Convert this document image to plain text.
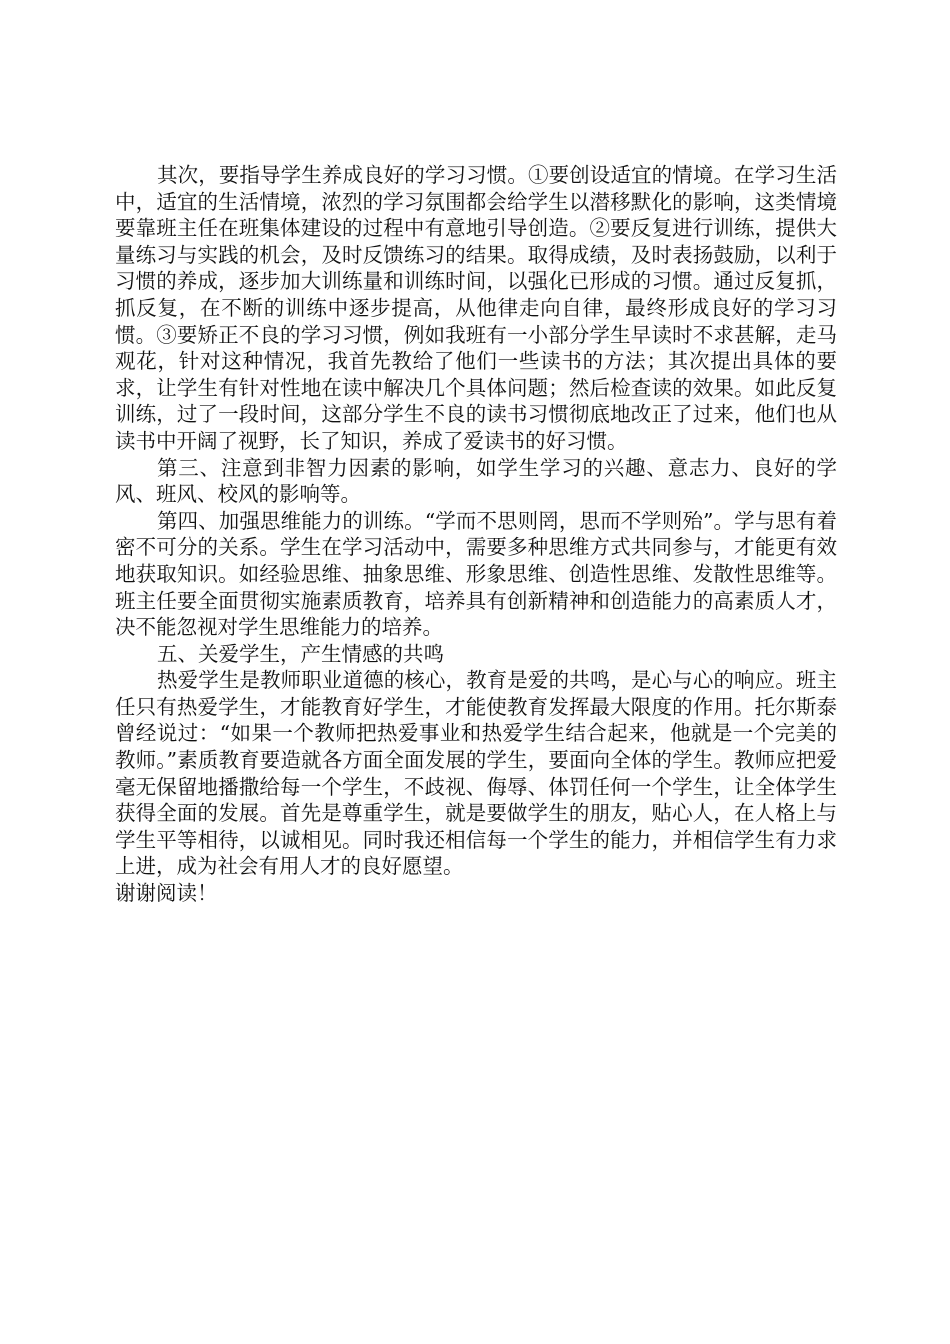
其次，要指导学生养成良好的学习习惯。①要创设适宜的情境。在学习生活中，适宜的生活情境，浓烈的学习氛围都会给学生以潜移默化的影响，这类情境要靠班主任在班集体建设的过程中有意地引导创造。②要反复进行训练，提供大量练习与实践的机会，及时反馈练习的结果。取得成绩，及时表扬鼓励，以利于习惯的养成，逐步加大训练量和训练时间，以强化已形成的习惯。通过反复抓，抓反复，在不断的训练中逐步提高，从他律走向自律，最终形成良好的学习习惯。③要矫正不良的学习习惯，例如我班有一小部分学生早读时不求甚解，走马观花，针对这种情况，我首先教给了他们一些读书的方法；其次提出具体的要求，让学生有针对性地在读中解决几个具体问题；然后检查读的效果。如此反复训练，过了一段时间，这部分学生不良的读书习惯彻底地改正了过来，他们也从读书中开阔了视野，长了知识，养成了爱读书的好习惯。

第三、注意到非智力因素的影响，如学生学习的兴趣、意志力、良好的学风、班风、校风的影响等。

第四、加强思维能力的训练。“学而不思则罔，思而不学则殆”。学与思有着密不可分的关系。学生在学习活动中，需要多种思维方式共同参与，才能更有效地获取知识。如经验思维、抽象思维、形象思维、创造性思维、发散性思维等。班主任要全面贯彻实施素质教育，培养具有创新精神和创造能力的高素质人才，决不能忽视对学生思维能力的培养。

五、关爱学生，产生情感的共鸣

热爱学生是教师职业道德的核心，教育是爱的共鸣，是心与心的响应。班主任只有热爱学生，才能教育好学生，才能使教育发挥最大限度的作用。托尔斯泰曾经说过：“如果一个教师把热爱事业和热爱学生结合起来，他就是一个完美的教师。”素质教育要造就各方面全面发展的学生，要面向全体的学生。教师应把爱毫无保留地播撒给每一个学生，不歧视、侮辱、体罚任何一个学生，让全体学生获得全面的发展。首先是尊重学生，就是要做学生的朋友，贴心人，在人格上与学生平等相待，以诚相见。同时我还相信每一个学生的能力，并相信学生有力求上进，成为社会有用人才的良好愿望。

谢谢阅读！
